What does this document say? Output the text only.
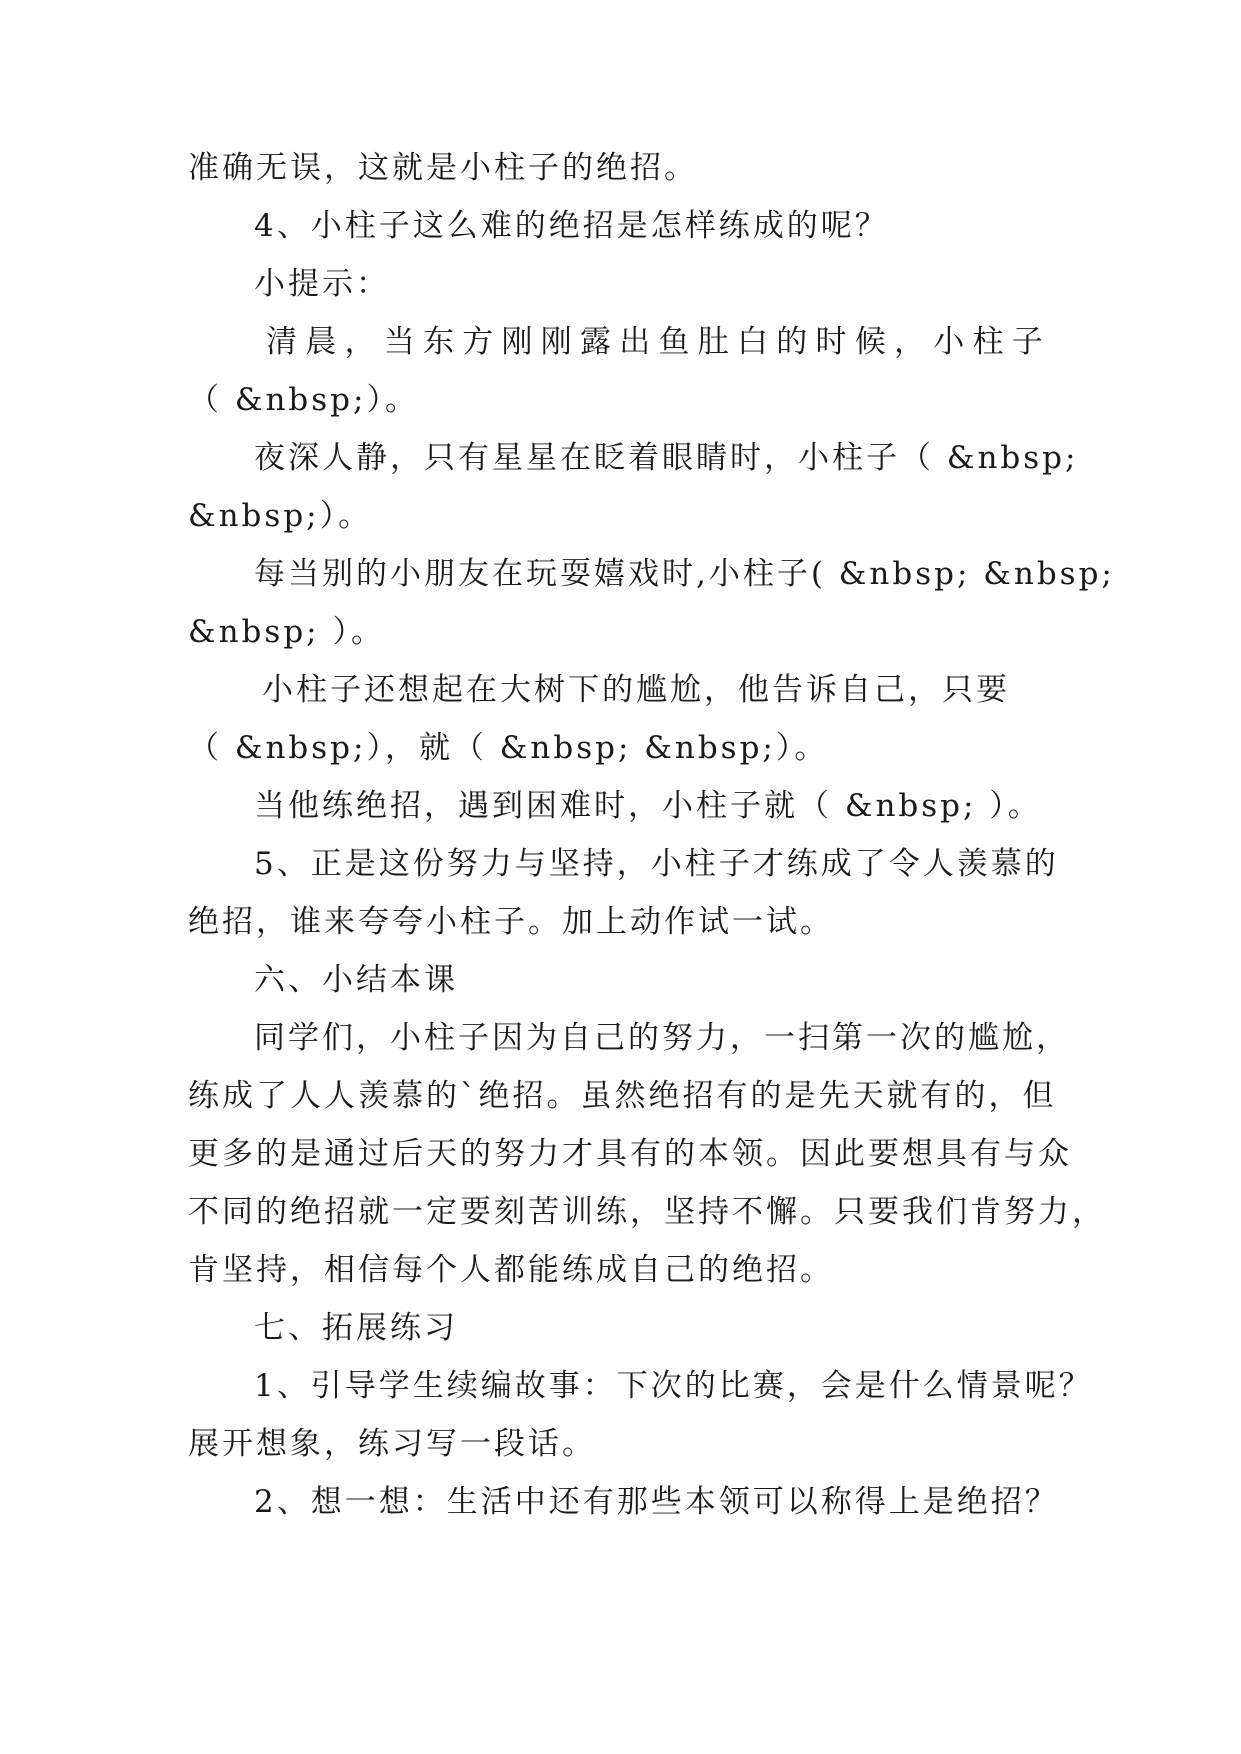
准确无误，这就是小柱子的绝招。
4、小柱子这么难的绝招是怎样练成的呢？
小提示：
清 晨 ， 当 东 方 刚 刚 露 出 鱼 肚 白 的 时 候 ， 小 柱 子
（ &nbsp;）。
夜深人静，只有星星在眨着眼睛时，小柱子（ &nbsp;
&nbsp;）。
每当别的小朋友在玩耍嬉戏时,小柱子( &nbsp; &nbsp;
&nbsp; ）。
小柱子还想起在大树下的尴尬，他告诉自己，只要
（ &nbsp;），就（ &nbsp; &nbsp;）。
当他练绝招，遇到困难时，小柱子就（ &nbsp; ）。
5、正是这份努力与坚持，小柱子才练成了令人羡慕的
绝招，谁来夸夸小柱子。加上动作试一试。
六、小结本课
同学们，小柱子因为自己的努力，一扫第一次的尴尬，
练成了人人羡慕的`绝招。虽然绝招有的是先天就有的，但
更多的是通过后天的努力才具有的本领。因此要想具有与众
不同的绝招就一定要刻苦训练，坚持不懈。只要我们肯努力，
肯坚持，相信每个人都能练成自己的绝招。
七、拓展练习
1、引导学生续编故事：下次的比赛，会是什么情景呢？
展开想象，练习写一段话。
2、想一想：生活中还有那些本领可以称得上是绝招？
